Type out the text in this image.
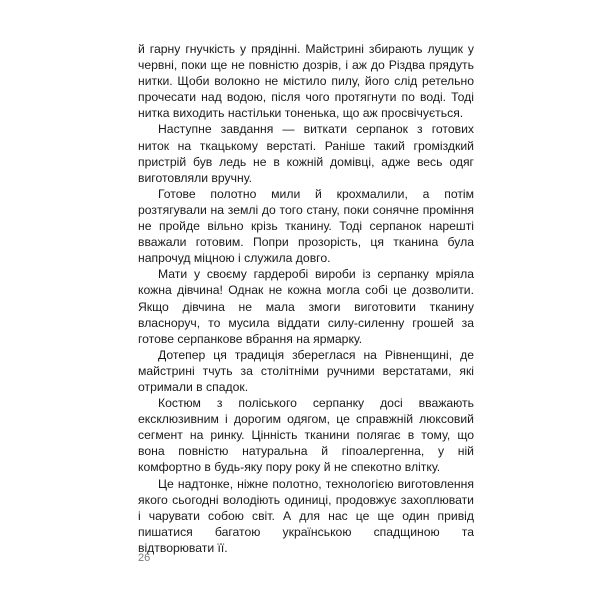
й гарну гнучкість у прядінні. Майстрині збирають лущик у червні, поки ще не повністю дозрів, і аж до Різдва прядуть нитки. Щоби волокно не містило пилу, його слід ретельно прочесати над водою, після чого протягнути по воді. Тоді нитка виходить настільки тоненька, що аж просвічується.

Наступне завдання — виткати серпанок з готових ниток на ткацькому верстаті. Раніше такий громіздкий пристрій був ледь не в кожній домівці, адже весь одяг виготовляли вручну.

Готове полотно мили й крохмалили, а потім розтягували на землі до того стану, поки сонячне проміння не пройде вільно крізь тканину. Тоді серпанок нарешті вважали готовим. Попри прозорість, ця тканина була напрочуд міцною і служила довго.

Мати у своєму гардеробі вироби із серпанку мріяла кожна дівчина! Однак не кожна могла собі це дозволити. Якщо дівчина не мала змоги виготовити тканину власноруч, то мусила віддати силу-силенну грошей за готове серпанкове вбрання на ярмарку.

Дотепер ця традиція збереглася на Рівненщині, де майстрині тчуть за столітніми ручними верстатами, які отримали в спадок.

Костюм з поліського серпанку досі вважають ексклюзивним і дорогим одягом, це справжній люксовий сегмент на ринку. Цінність тканини полягає в тому, що вона повністю натуральна й гіпоалергенна, у ній комфортно в будь-яку пору року й не спекотно влітку.

Це надтонке, ніжне полотно, технологією виготовлення якого сьогодні володіють одиниці, продовжує захоплювати і чарувати собою світ. А для нас це ще один привід пишатися багатою українською спадщиною та відтворювати її.

26
